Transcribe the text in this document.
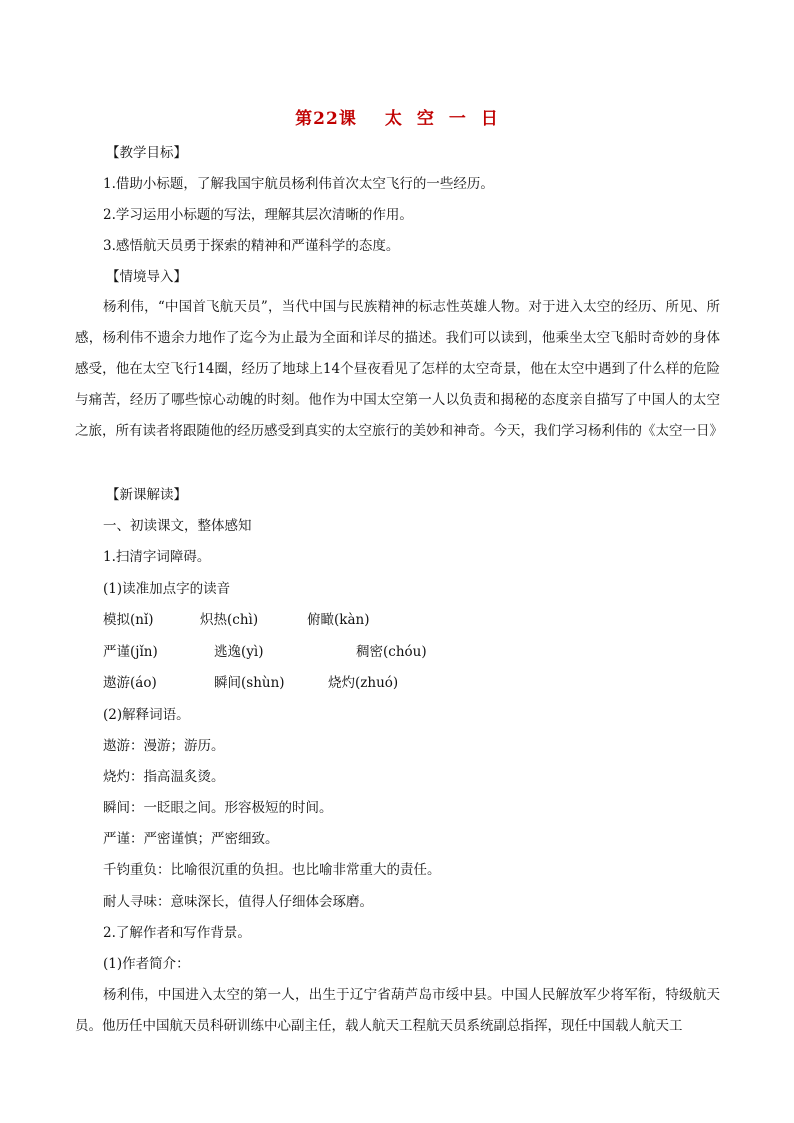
第22课 太 空 一 日
【教学目标】
1.借助小标题，了解我国宇航员杨利伟首次太空飞行的一些经历。
2.学习运用小标题的写法，理解其层次清晰的作用。
3.感悟航天员勇于探索的精神和严谨科学的态度。
【情境导入】
杨利伟，“中国首飞航天员”，当代中国与民族精神的标志性英雄人物。对于进入太空的经历、所见、所感，杨利伟不遗余力地作了迄今为止最为全面和详尽的描述。我们可以读到，他乘坐太空飞船时奇妙的身体感受，他在太空飞行14圈，经历了地球上14个昼夜看见了怎样的太空奇景，他在太空中遇到了什么样的危险与痛苦，经历了哪些惊心动魄的时刻。他作为中国太空第一人以负责和揭秘的态度亲自描写了中国人的太空之旅，所有读者将跟随他的经历感受到真实的太空旅行的美妙和神奇。今天，我们学习杨利伟的《太空一日》
【新课解读】
一、初读课文，整体感知
1.扫清字词障碍。
(1)读准加点字的读音
模拟(nǐ)	炽热(chì)	俯瞰(kàn)
严谨(jǐn)	逃逸(yì)	稠密(chóu)
遨游(áo)	瞬间(shùn)	烧灼(zhuó)
(2)解释词语。
遨游：漫游；游历。
烧灼：指高温炙烫。
瞬间：一眨眼之间。形容极短的时间。
严谨：严密谨慎；严密细致。
千钧重负：比喻很沉重的负担。也比喻非常重大的责任。
耐人寻味：意味深长，值得人仔细体会琢磨。
2.了解作者和写作背景。
(1)作者简介：
杨利伟，中国进入太空的第一人，出生于辽宁省葫芦岛市绥中县。中国人民解放军少将军衔，特级航天员。他历任中国航天员科研训练中心副主任，载人航天工程航天员系统副总指挥，现任中国载人航天工
